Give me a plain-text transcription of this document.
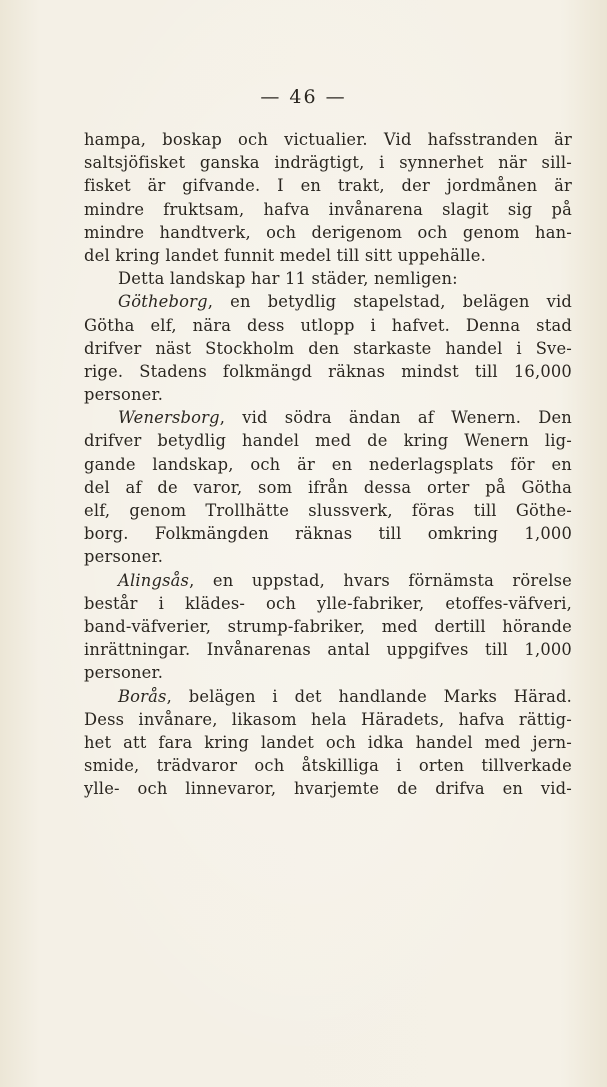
— 46 —
hampa, boskap och victualier. Vid hafsstranden är
saltsjöfisket ganska indrägtigt, i synnerhet när sill-
fisket är gifvande. I en trakt, der jordmånen är
mindre fruktsam, hafva invånarena slagit sig på
mindre handtverk, och derigenom och genom han-
del kring landet funnit medel till sitt uppehälle.
Detta landskap har 11 städer, nemligen:
Götheborg, en betydlig stapelstad, belägen vid
Götha elf, nära dess utlopp i hafvet. Denna stad
drifver näst Stockholm den starkaste handel i Sve-
rige. Stadens folkmängd räknas mindst till 16,000
personer.
Wenersborg, vid södra ändan af Wenern. Den
drifver betydlig handel med de kring Wenern lig-
gande landskap, och är en nederlagsplats för en
del af de varor, som ifrån dessa orter på Götha
elf, genom Trollhätte slussverk, föras till Göthe-
borg. Folkmängden räknas till omkring 1,000
personer.
Alingsås, en uppstad, hvars förnämsta rörelse
består i klädes- och ylle-fabriker, etoffes-väfveri,
band-väfverier, strump-fabriker, med dertill hörande
inrättningar. Invånarenas antal uppgifves till 1,000
personer.
Borås, belägen i det handlande Marks Härad.
Dess invånare, likasom hela Häradets, hafva rättig-
het att fara kring landet och idka handel med jern-
smide, trädvaror och åtskilliga i orten tillverkade
ylle- och linnevaror, hvarjemte de drifva en vid-
